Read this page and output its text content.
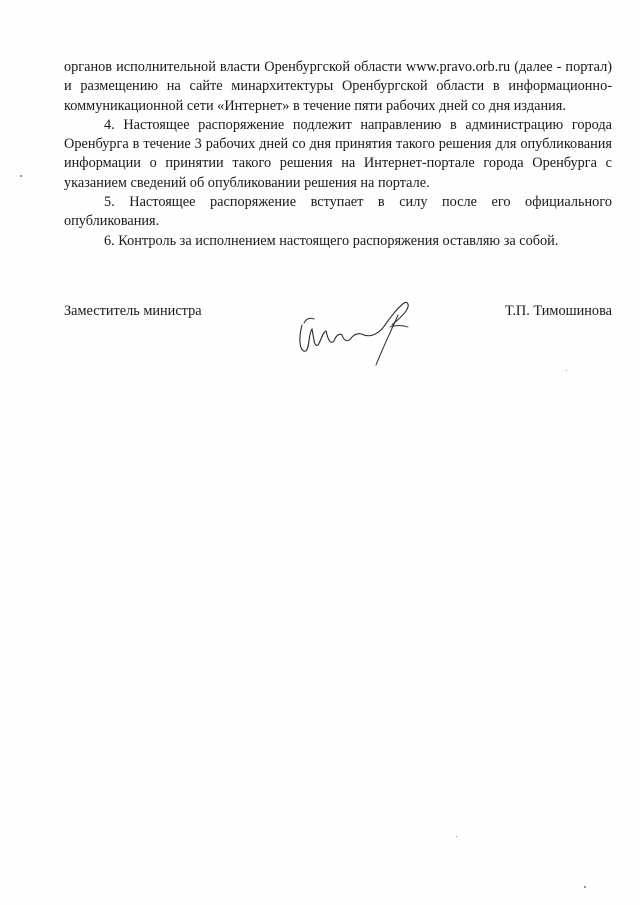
органов исполнительной власти Оренбургской области www.pravo.orb.ru (далее - портал) и размещению на сайте минархитектуры Оренбургской области в информационно-коммуникационной сети «Интернет» в течение пяти рабочих дней со дня издания.

4. Настоящее распоряжение подлежит направлению в администрацию города Оренбурга в течение 3 рабочих дней со дня принятия такого решения для опубликования информации о принятии такого решения на Интернет-портале города Оренбурга с указанием сведений об опубликовании решения на портале.

5. Настоящее распоряжение вступает в силу после его официального опубликования.

6. Контроль за исполнением настоящего распоряжения оставляю за собой.

Заместитель министра	Т.П. Тимошинова
